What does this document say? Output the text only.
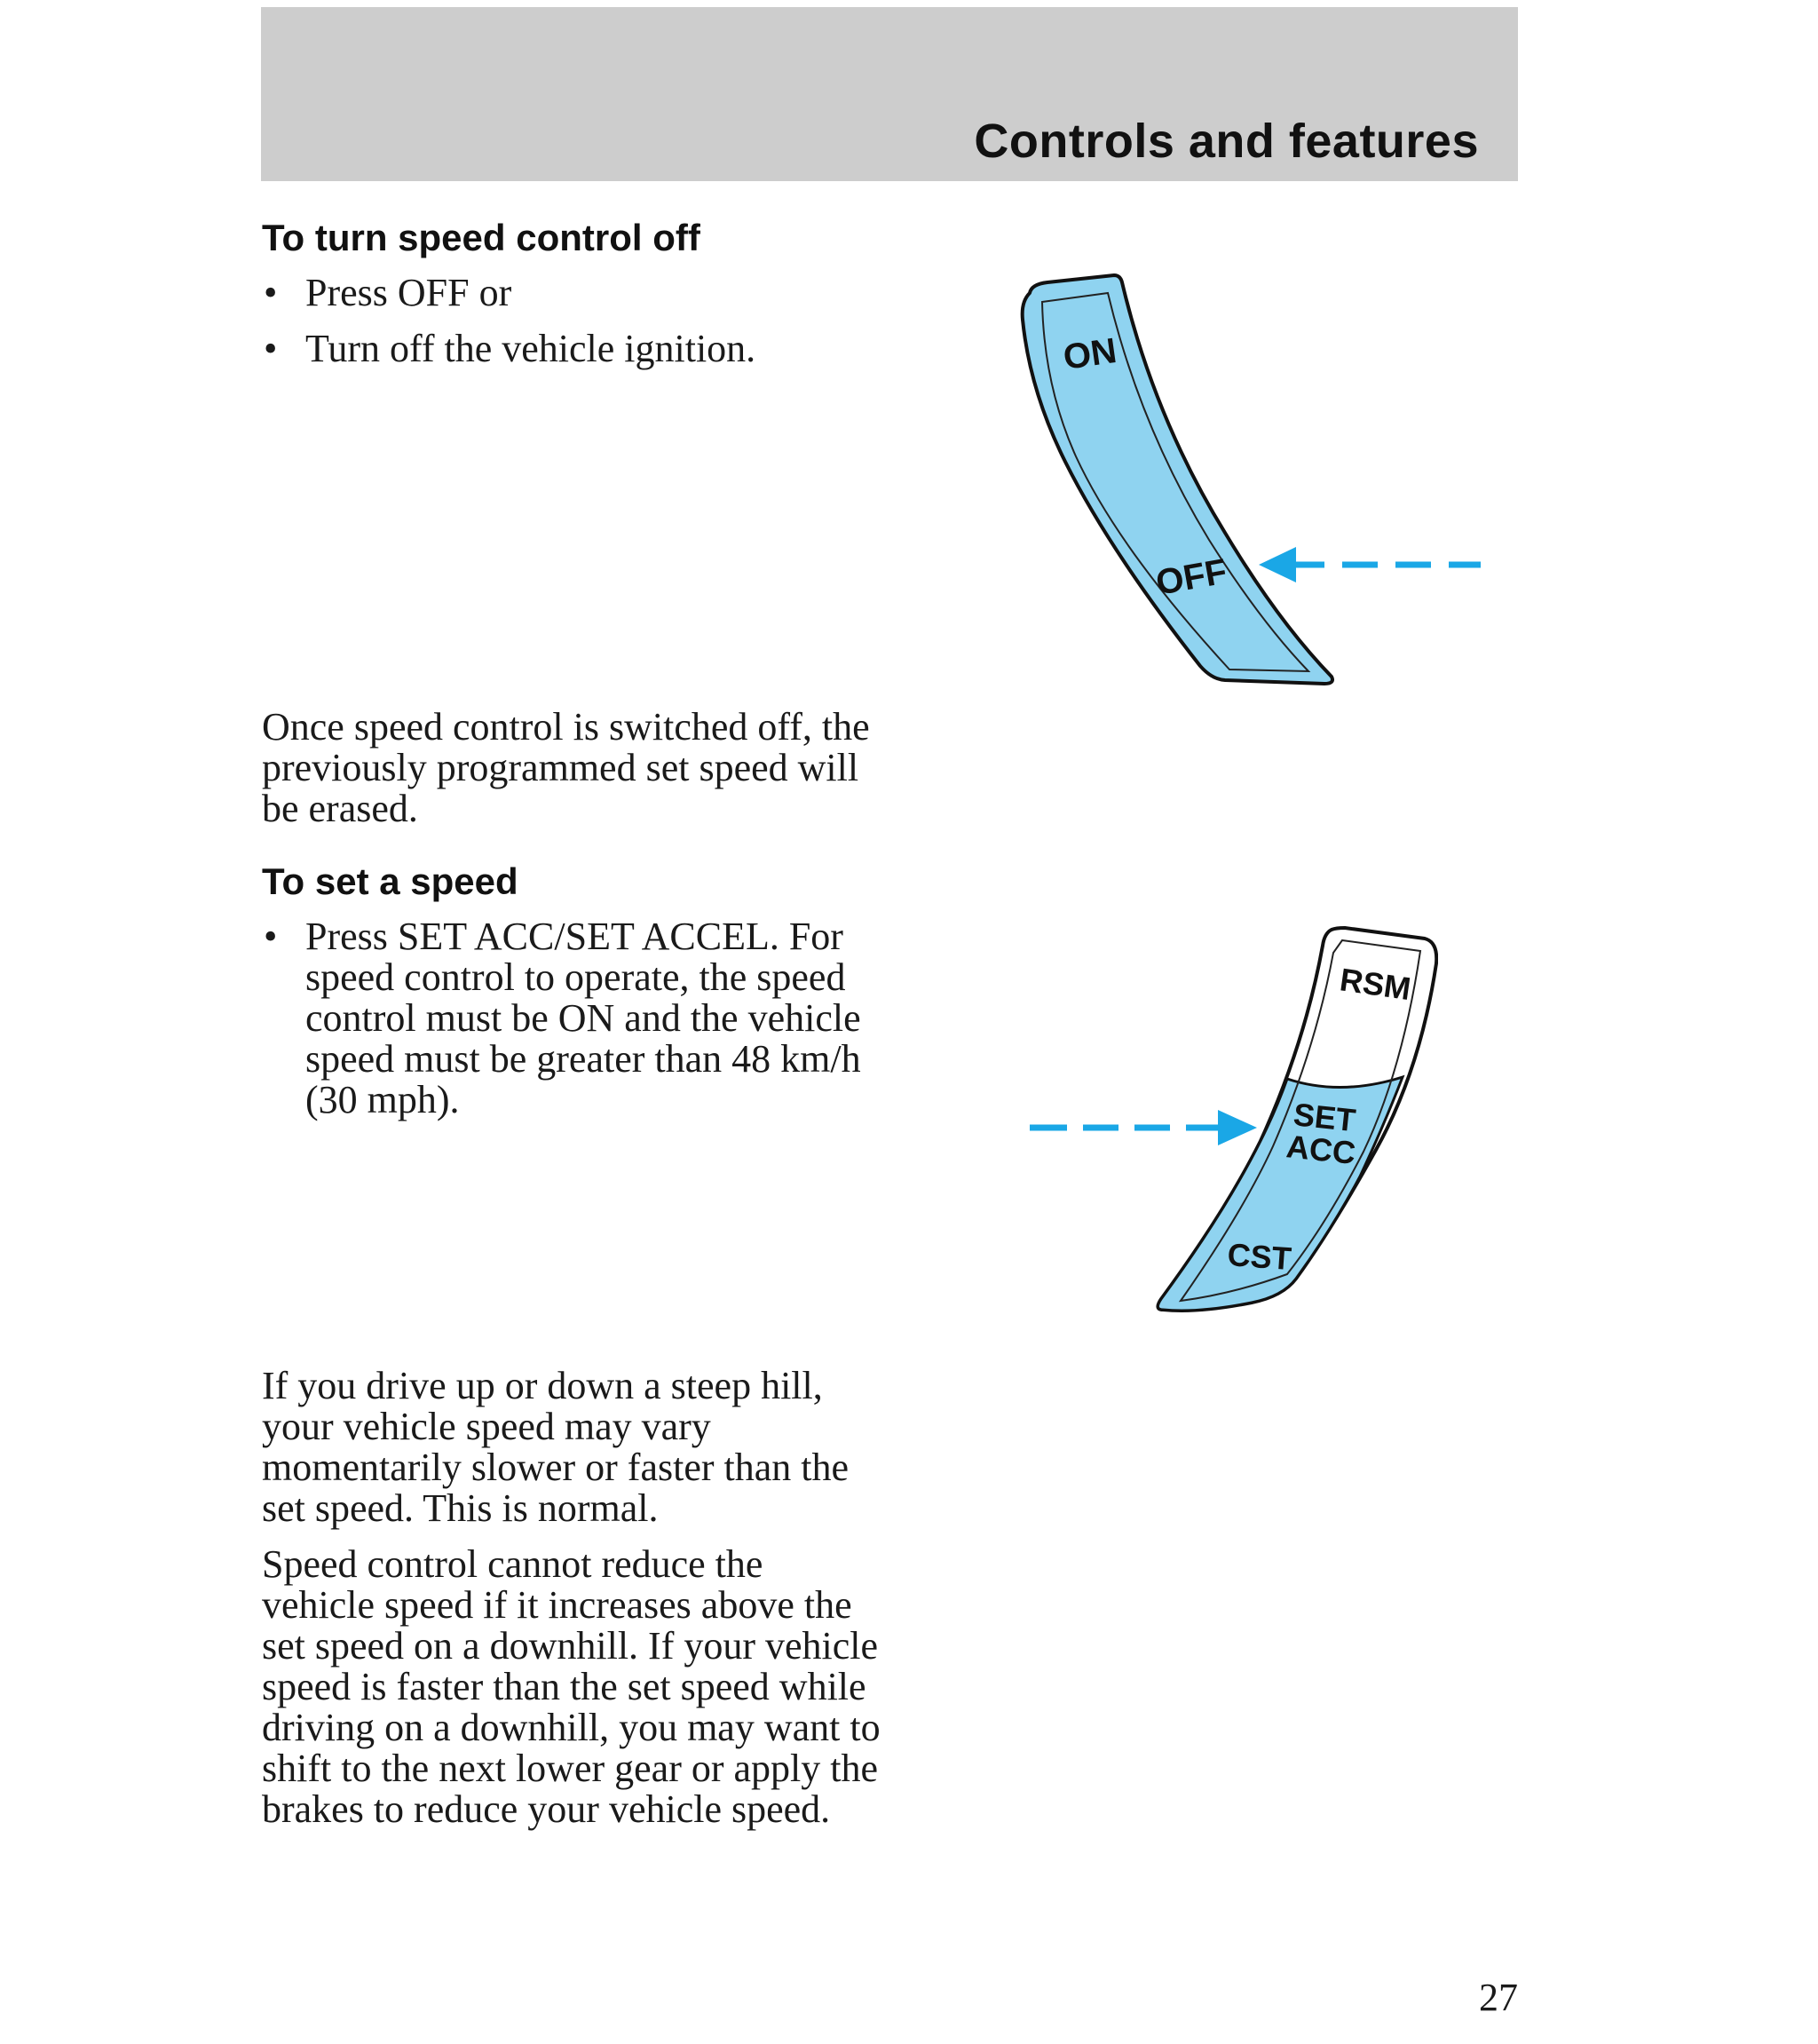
Controls and features
To turn speed control off
• Press OFF or
• Turn off the vehicle ignition.	ON
OFF

Once speed control is switched off, the previously programmed set speed will be erased.

To set a speed
• Press SET ACC/SET ACCEL. For speed control to operate, the speed control must be ON and the vehicle speed must be greater than 48 km/h (30 mph).
RSM
SET
ACC
CST

If you drive up or down a steep hill, your vehicle speed may vary momentarily slower or faster than the set speed. This is normal.

Speed control cannot reduce the vehicle speed if it increases above the set speed on a downhill. If your vehicle speed is faster than the set speed while driving on a downhill, you may want to shift to the next lower gear or apply the brakes to reduce your vehicle speed.

27
